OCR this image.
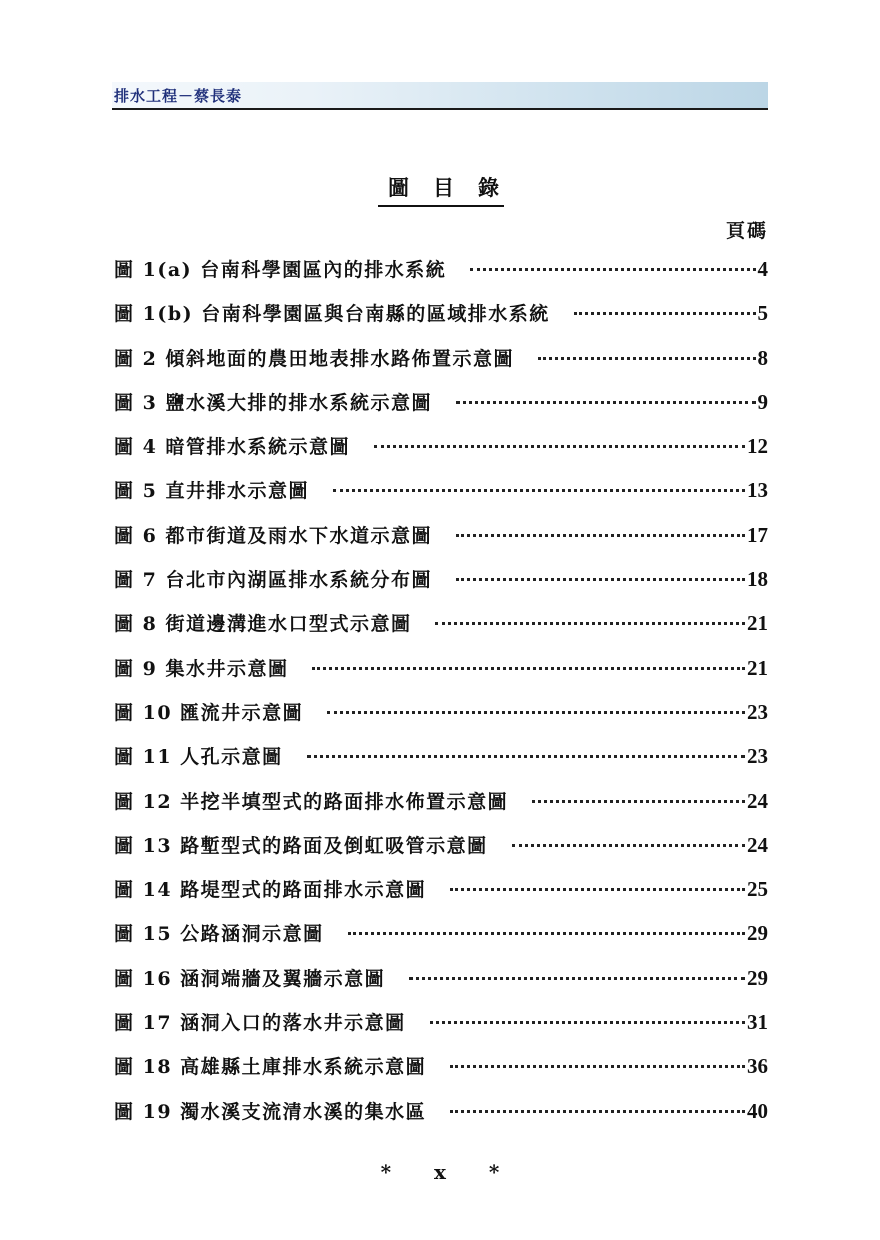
排水工程－蔡長泰
圖目錄
頁碼
圖 1(a) 台南科學園區內的排水系統	4
圖 1(b) 台南科學園區與台南縣的區域排水系統	5
圖 2 傾斜地面的農田地表排水路佈置示意圖	8
圖 3 鹽水溪大排的排水系統示意圖	9
圖 4 暗管排水系統示意圖	12
圖 5 直井排水示意圖	13
圖 6 都市街道及雨水下水道示意圖	17
圖 7 台北市內湖區排水系統分布圖	18
圖 8 街道邊溝進水口型式示意圖	21
圖 9 集水井示意圖	21
圖 10 匯流井示意圖	23
圖 11 人孔示意圖	23
圖 12 半挖半填型式的路面排水佈置示意圖	24
圖 13 路塹型式的路面及倒虹吸管示意圖	24
圖 14 路堤型式的路面排水示意圖	25
圖 15 公路涵洞示意圖	29
圖 16 涵洞端牆及翼牆示意圖	29
圖 17 涵洞入口的落水井示意圖	31
圖 18 高雄縣土庫排水系統示意圖	36
圖 19 濁水溪支流清水溪的集水區	40
* x *
